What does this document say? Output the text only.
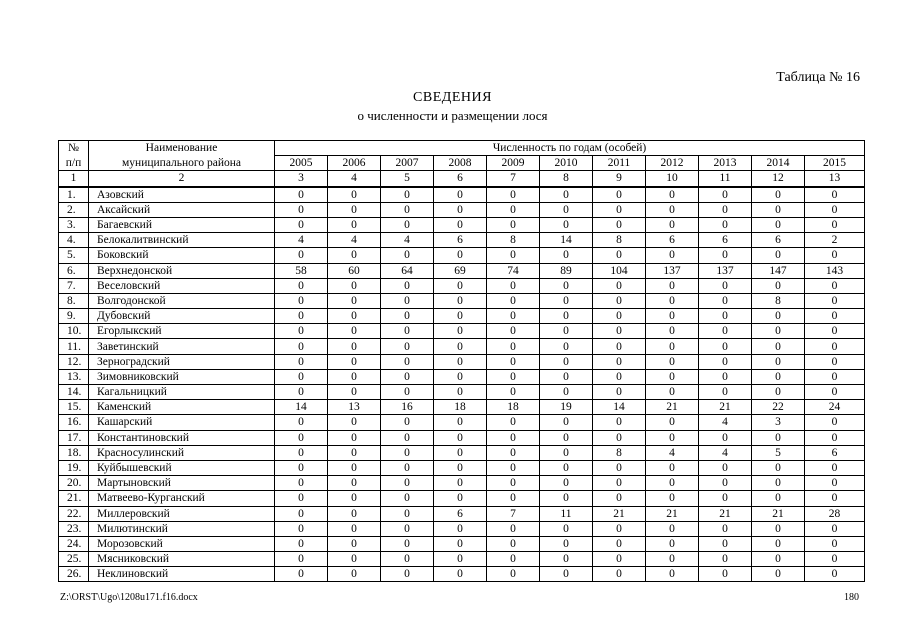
Таблица № 16
СВЕДЕНИЯ
о численности и размещении лося
№	Наименование	Численность по годам (особей)										
п/п	муниципального района	2005	2006	2007	2008	2009	2010	2011	2012	2013	2014	2015
1	2	3	4	5	6	7	8	9	10	11	12	13
1.	Азовский	0	0	0	0	0	0	0	0	0	0	0
2.	Аксайский	0	0	0	0	0	0	0	0	0	0	0
3.	Багаевский	0	0	0	0	0	0	0	0	0	0	0
4.	Белокалитвинский	4	4	4	6	8	14	8	6	6	6	2
5.	Боковский	0	0	0	0	0	0	0	0	0	0	0
6.	Верхнедонской	58	60	64	69	74	89	104	137	137	147	143
7.	Веселовский	0	0	0	0	0	0	0	0	0	0	0
8.	Волгодонской	0	0	0	0	0	0	0	0	0	8	0
9.	Дубовский	0	0	0	0	0	0	0	0	0	0	0
10.	Егорлыкский	0	0	0	0	0	0	0	0	0	0	0
11.	Заветинский	0	0	0	0	0	0	0	0	0	0	0
12.	Зерноградский	0	0	0	0	0	0	0	0	0	0	0
13.	Зимовниковский	0	0	0	0	0	0	0	0	0	0	0
14.	Кагальницкий	0	0	0	0	0	0	0	0	0	0	0
15.	Каменский	14	13	16	18	18	19	14	21	21	22	24
16.	Кашарский	0	0	0	0	0	0	0	0	4	3	0
17.	Константиновский	0	0	0	0	0	0	0	0	0	0	0
18.	Красносулинский	0	0	0	0	0	0	8	4	4	5	6
19.	Куйбышевский	0	0	0	0	0	0	0	0	0	0	0
20.	Мартыновский	0	0	0	0	0	0	0	0	0	0	0
21.	Матвеево-Курганский	0	0	0	0	0	0	0	0	0	0	0
22.	Миллеровский	0	0	0	6	7	11	21	21	21	21	28
23.	Милютинский	0	0	0	0	0	0	0	0	0	0	0
24.	Морозовский	0	0	0	0	0	0	0	0	0	0	0
25.	Мясниковский	0	0	0	0	0	0	0	0	0	0	0
26.	Неклиновский	0	0	0	0	0	0	0	0	0	0	0
Z:\ORST\Ugo\1208u171.f16.docx	180
